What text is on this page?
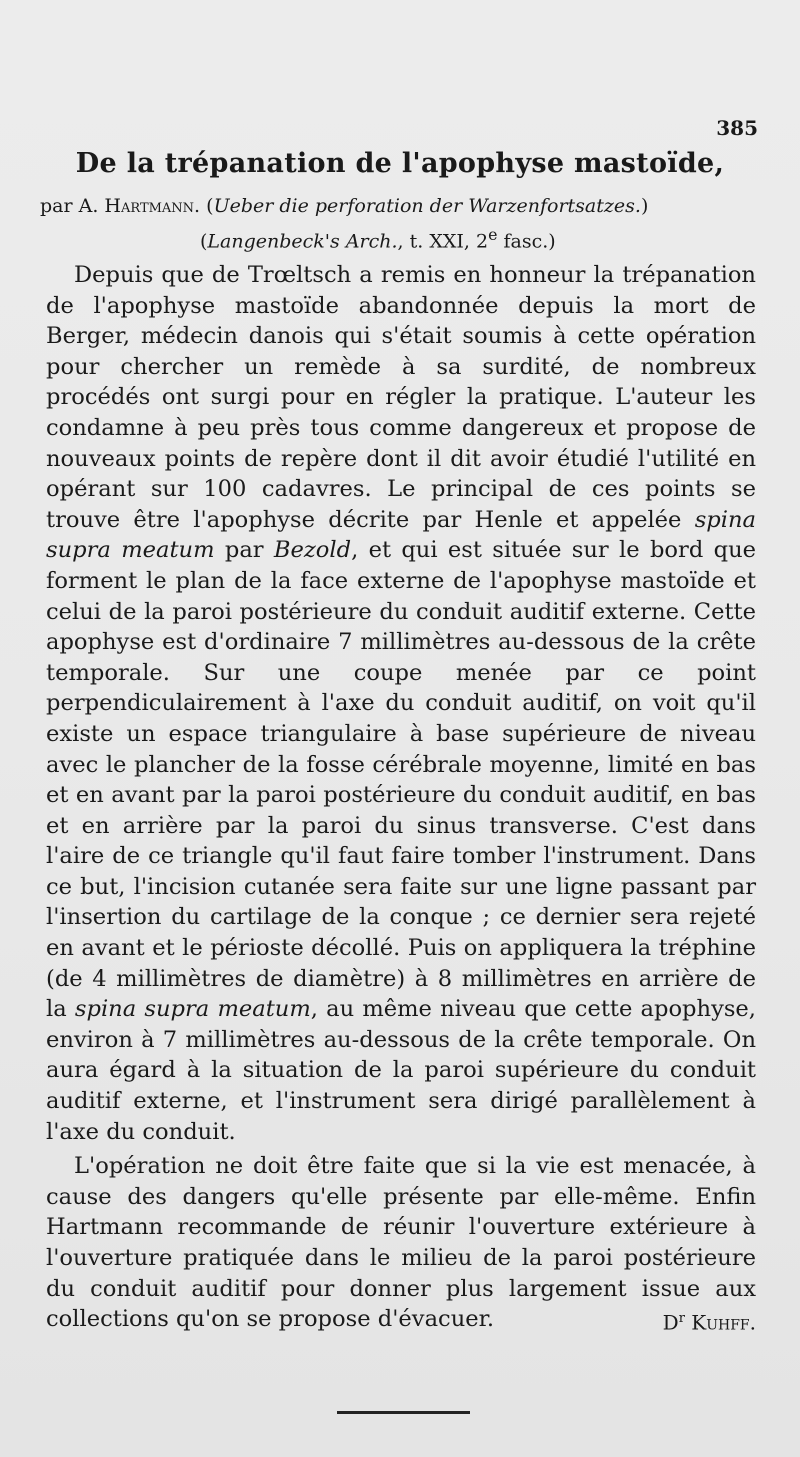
385
De la trépanation de l'apophyse mastoïde,
par A. Hartmann. (Ueber die perforation der Warzenfortsatzes.)
(Langenbeck's Arch., t. XXI, 2e fasc.)

Depuis que de Trœltsch a remis en honneur la trépanation de l'apophyse mastoïde abandonnée depuis la mort de Berger, médecin danois qui s'était soumis à cette opération pour chercher un remède à sa surdité, de nombreux procédés ont surgi pour en régler la pratique. L'auteur les condamne à peu près tous comme dangereux et propose de nouveaux points de repère dont il dit avoir étudié l'utilité en opérant sur 100 cadavres. Le principal de ces points se trouve être l'apophyse décrite par Henle et appelée spina supra meatum par Bezold, et qui est située sur le bord que forment le plan de la face externe de l'apophyse mastoïde et celui de la paroi postérieure du conduit auditif externe. Cette apophyse est d'ordinaire 7 millimètres au-dessous de la crête temporale. Sur une coupe menée par ce point perpendiculairement à l'axe du conduit auditif, on voit qu'il existe un espace triangulaire à base supérieure de niveau avec le plancher de la fosse cérébrale moyenne, limité en bas et en avant par la paroi postérieure du conduit auditif, en bas et en arrière par la paroi du sinus transverse. C'est dans l'aire de ce triangle qu'il faut faire tomber l'instrument. Dans ce but, l'incision cutanée sera faite sur une ligne passant par l'insertion du cartilage de la conque ; ce dernier sera rejeté en avant et le périoste décollé. Puis on appliquera la tréphine (de 4 millimètres de diamètre) à 8 millimètres en arrière de la spina supra meatum, au même niveau que cette apophyse, environ à 7 millimètres au-dessous de la crête temporale. On aura égard à la situation de la paroi supérieure du conduit auditif externe, et l'instrument sera dirigé parallèlement à l'axe du conduit.

L'opération ne doit être faite que si la vie est menacée, à cause des dangers qu'elle présente par elle-même. Enfin Hartmann recommande de réunir l'ouverture extérieure à l'ouverture pratiquée dans le milieu de la paroi postérieure du conduit auditif pour donner plus largement issue aux collections qu'on se propose d'évacuer.	$D^r$ Kuhff.
